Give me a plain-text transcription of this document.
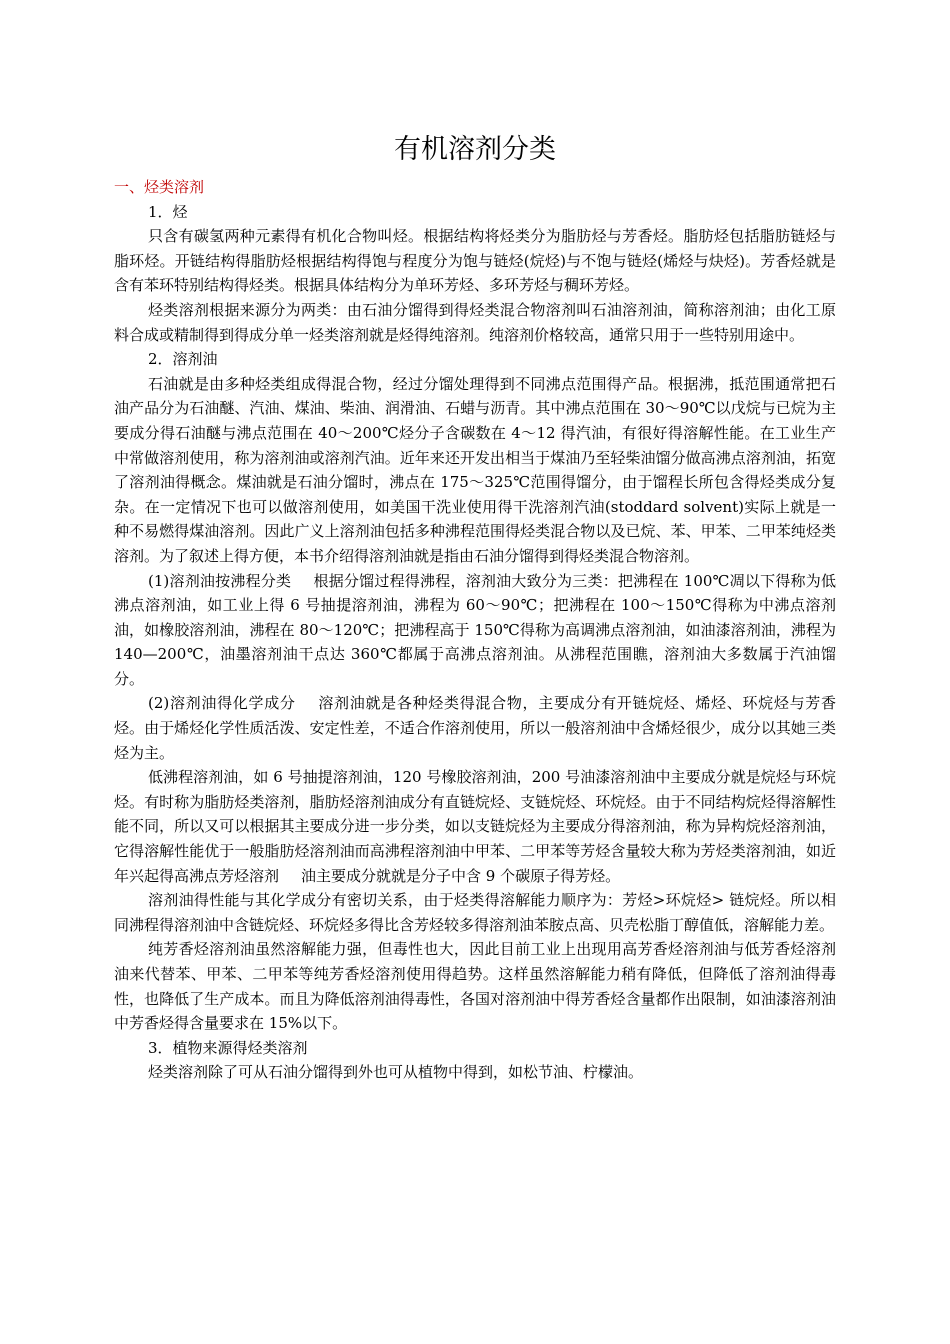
有机溶剂分类

一、烃类溶剂

1．烃

只含有碳氢两种元素得有机化合物叫烃。根据结构将烃类分为脂肪烃与芳香烃。脂肪烃包括脂肪链烃与脂环烃。开链结构得脂肪烃根据结构得饱与程度分为饱与链烃(烷烃)与不饱与链烃(烯烃与炔烃)。芳香烃就是含有苯环特别结构得烃类。根据具体结构分为单环芳烃、多环芳烃与稠环芳烃。

烃类溶剂根据来源分为两类：由石油分馏得到得烃类混合物溶剂叫石油溶剂油，简称溶剂油；由化工原料合成或精制得到得成分单一烃类溶剂就是烃得纯溶剂。纯溶剂价格较高，通常只用于一些特别用途中。

2．溶剂油

石油就是由多种烃类组成得混合物，经过分馏处理得到不同沸点范围得产品。根据沸，抵范围通常把石油产品分为石油醚、汽油、煤油、柴油、润滑油、石蜡与沥青。其中沸点范围在 30～90℃以戊烷与已烷为主要成分得石油醚与沸点范围在 40～200℃烃分子含碳数在 4～12 得汽油，有很好得溶解性能。在工业生产中常做溶剂使用，称为溶剂油或溶剂汽油。近年来还开发出相当于煤油乃至轻柴油馏分做高沸点溶剂油，拓宽了溶剂油得概念。煤油就是石油分馏时，沸点在 175～325℃范围得馏分，由于馏程长所包含得烃类成分复杂。在一定情况下也可以做溶剂使用，如美国干洗业使用得干洗溶剂汽油(stoddard solvent)实际上就是一种不易燃得煤油溶剂。因此广义上溶剂油包括多种沸程范围得烃类混合物以及已烷、苯、甲苯、二甲苯纯烃类溶剂。为了叙述上得方便，本书介绍得溶剂油就是指由石油分馏得到得烃类混合物溶剂。

(1)溶剂油按沸程分类 根据分馏过程得沸程，溶剂油大致分为三类：把沸程在 100℃凋以下得称为低沸点溶剂油，如工业上得 6 号抽提溶剂油，沸程为 60～90℃；把沸程在 100～150℃得称为中沸点溶剂油，如橡胶溶剂油，沸程在 80～120℃；把沸程高于 150℃得称为高调沸点溶剂油，如油漆溶剂油，沸程为 140—200℃，油墨溶剂油干点达 360℃都属于高沸点溶剂油。从沸程范围瞧，溶剂油大多数属于汽油馏分。

(2)溶剂油得化学成分 溶剂油就是各种烃类得混合物，主要成分有开链烷烃、烯烃、环烷烃与芳香烃。由于烯烃化学性质活泼、安定性差，不适合作溶剂使用，所以一般溶剂油中含烯烃很少，成分以其她三类烃为主。

低沸程溶剂油，如 6 号抽提溶剂油，120 号橡胶溶剂油，200 号油漆溶剂油中主要成分就是烷烃与环烷烃。有时称为脂肪烃类溶剂，脂肪烃溶剂油成分有直链烷烃、支链烷烃、环烷烃。由于不同结构烷烃得溶解性能不同，所以又可以根据其主要成分进一步分类，如以支链烷烃为主要成分得溶剂油，称为异构烷烃溶剂油，它得溶解性能优于一般脂肪烃溶剂油而高沸程溶剂油中甲苯、二甲苯等芳烃含量较大称为芳烃类溶剂油，如近年兴起得高沸点芳烃溶剂 油主要成分就就是分子中含 9 个碳原子得芳烃。

溶剂油得性能与其化学成分有密切关系，由于烃类得溶解能力顺序为：芳烃>环烷烃> 链烷烃。所以相同沸程得溶剂油中含链烷烃、环烷烃多得比含芳烃较多得溶剂油苯胺点高、贝壳松脂丁醇值低，溶解能力差。

纯芳香烃溶剂油虽然溶解能力强，但毒性也大，因此目前工业上出现用高芳香烃溶剂油与低芳香烃溶剂油来代替苯、甲苯、二甲苯等纯芳香烃溶剂使用得趋势。这样虽然溶解能力稍有降低，但降低了溶剂油得毒性，也降低了生产成本。而且为降低溶剂油得毒性，各国对溶剂油中得芳香烃含量都作出限制，如油漆溶剂油中芳香烃得含量要求在 15%以下。

3．植物来源得烃类溶剂

烃类溶剂除了可从石油分馏得到外也可从植物中得到，如松节油、柠檬油。
